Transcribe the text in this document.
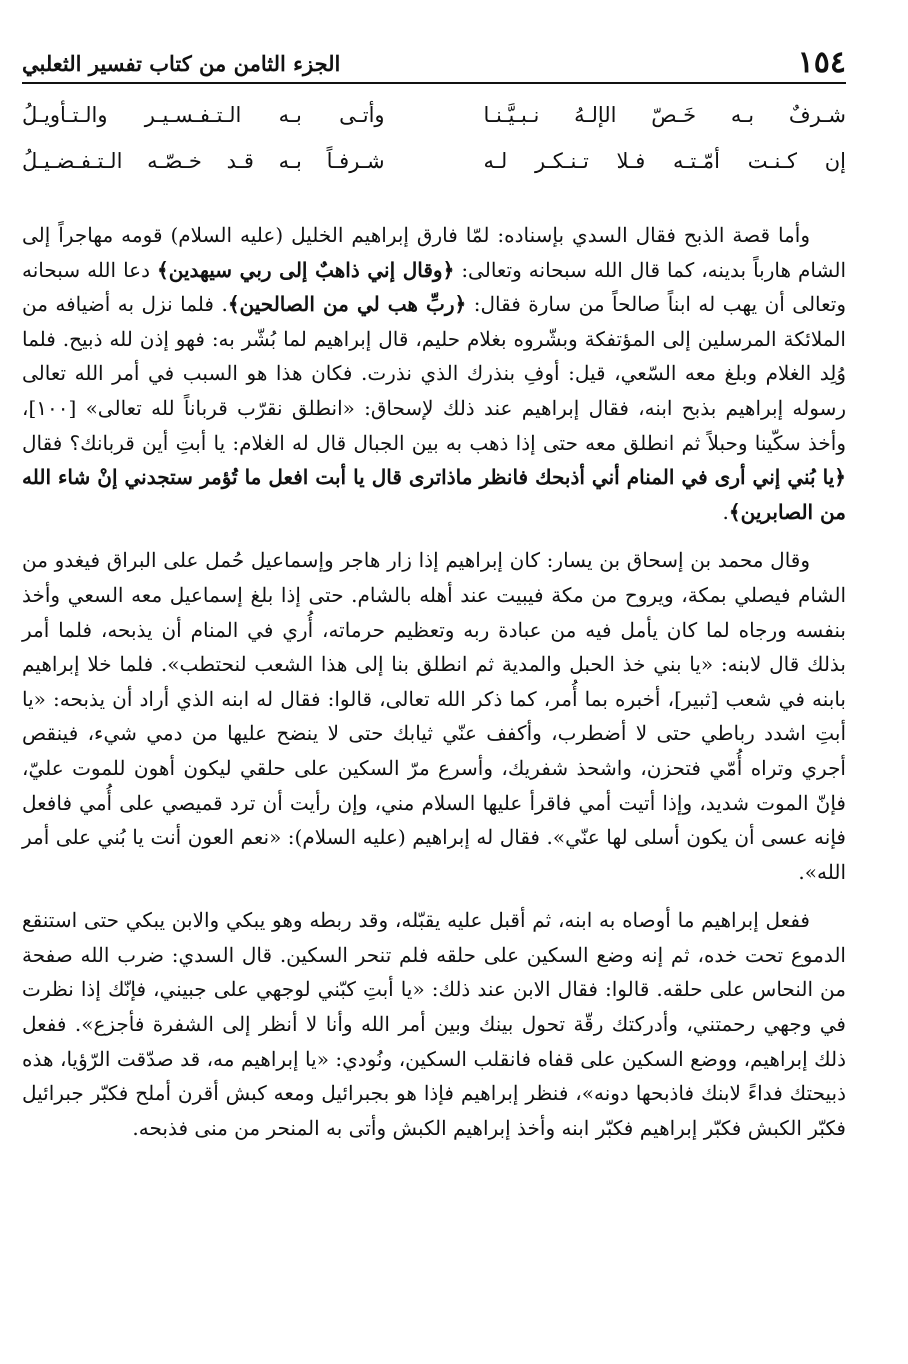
١٥٤
الجزء الثامن من كتاب تفسير الثعلبي
شـرفٌ بـه خَـصّ الإلـهُ نـبـيَّـنـا
وأتـى بـه الـتـفـسـيـر والـتـأويـلُ
إن كـنـت أمّـتـه فـلا تـنـكـر لـه
شـرفـاً بـه قـد خـصّـه الـتـفـضـيـلُ

وأما قصة الذبح فقال السدي بإسناده: لمّا فارق إبراهيم الخليل (عليه السلام) قومه مهاجراً إلى الشام هارباً بدينه، كما قال الله سبحانه وتعالى: ﴿وقال إني ذاهبٌ إلى ربي سيهدين﴾ دعا الله سبحانه وتعالى أن يهب له ابناً صالحاً من سارة فقال: ﴿ربِّ هب لي من الصالحين﴾. فلما نزل به أضيافه من الملائكة المرسلين إلى المؤتفكة وبشّروه بغلام حليم، قال إبراهيم لما بُشّر به: فهو إذن لله ذبيح. فلما وُلِد الغلام وبلغ معه السّعي، قيل: أوفِ بنذرك الذي نذرت. فكان هذا هو السبب في أمر الله تعالى رسوله إبراهيم بذبح ابنه، فقال إبراهيم عند ذلك لإسحاق: «انطلق نقرّب قرباناً لله تعالى» [١٠٠]، وأخذ سكّينا وحبلاً ثم انطلق معه حتى إذا ذهب به بين الجبال قال له الغلام: يا أبتِ أين قربانك؟ فقال ﴿يا بُني إني أرى في المنام أني أذبحك فانظر ماذاترى قال يا أبت افعل ما تُؤمر ستجدني إنْ شاء الله من الصابرين﴾.

وقال محمد بن إسحاق بن يسار: كان إبراهيم إذا زار هاجر وإسماعيل حُمل على البراق فيغدو من الشام فيصلي بمكة، ويروح من مكة فيبيت عند أهله بالشام. حتى إذا بلغ إسماعيل معه السعي وأخذ بنفسه ورجاه لما كان يأمل فيه من عبادة ربه وتعظيم حرماته، أُري في المنام أن يذبحه، فلما أمر بذلك قال لابنه: «يا بني خذ الحبل والمدية ثم انطلق بنا إلى هذا الشعب لنحتطب». فلما خلا إبراهيم بابنه في شعب [ثبير]، أخبره بما أُمر، كما ذكر الله تعالى، قالوا: فقال له ابنه الذي أراد أن يذبحه: «يا أبتِ اشدد رباطي حتى لا أضطرب، وأكفف عنّي ثيابك حتى لا ينضح عليها من دمي شيء، فينقص أجري وتراه أُمّي فتحزن، واشحذ شفريك، وأسرع مرّ السكين على حلقي ليكون أهون للموت عليّ، فإنّ الموت شديد، وإذا أتيت أمي فاقرأ عليها السلام مني، وإن رأيت أن ترد قميصي على أُمي فافعل فإنه عسى أن يكون أسلى لها عنّي». فقال له إبراهيم (عليه السلام): «نعم العون أنت يا بُني على أمر الله».

ففعل إبراهيم ما أوصاه به ابنه، ثم أقبل عليه يقبّله، وقد ربطه وهو يبكي والابن يبكي حتى استنقع الدموع تحت خده، ثم إنه وضع السكين على حلقه فلم تنحر السكين. قال السدي: ضرب الله صفحة من النحاس على حلقه. قالوا: فقال الابن عند ذلك: «يا أبتِ كبّني لوجهي على جبيني، فإنّك إذا نظرت في وجهي رحمتني، وأدركتك رقّة تحول بينك وبين أمر الله وأنا لا أنظر إلى الشفرة فأجزع». ففعل ذلك إبراهيم، ووضع السكين على قفاه فانقلب السكين، ونُودي: «يا إبراهيم مه، قد صدّقت الرّؤيا، هذه ذبيحتك فداءً لابنك فاذبحها دونه»، فنظر إبراهيم فإذا هو بجبرائيل ومعه كبش أقرن أملح فكبّر جبرائيل فكبّر الكبش فكبّر إبراهيم فكبّر ابنه وأخذ إبراهيم الكبش وأتى به المنحر من منى فذبحه.
